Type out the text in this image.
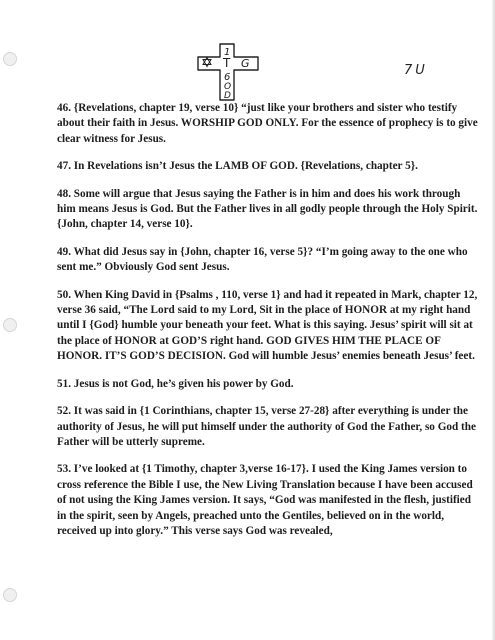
1
T G
6
O
D
7U

46. {Revelations, chapter 19, verse 10} “just like your brothers and sister who testify about their faith in Jesus. WORSHIP GOD ONLY. For the essence of prophecy is to give clear witness for Jesus.

47. In Revelations isn’t Jesus the LAMB OF GOD. {Revelations, chapter 5}.

48. Some will argue that Jesus saying the Father is in him and does his work through him means Jesus is God. But the Father lives in all godly people through the Holy Spirit. {John, chapter 14, verse 10}.

49. What did Jesus say in {John, chapter 16, verse 5}? “I’m going away to the one who sent me.” Obviously God sent Jesus.

50. When King David in {Psalms , 110, verse 1} and had it repeated in Mark, chapter 12, verse 36 said, “The Lord said to my Lord, Sit in the place of HONOR at my right hand until I {God} humble your beneath your feet. What is this saying. Jesus’ spirit will sit at the place of HONOR at GOD’S right hand. GOD GIVES HIM THE PLACE OF HONOR. IT’S GOD’S DECISION. God will humble Jesus’ enemies beneath Jesus’ feet.

51. Jesus is not God, he’s given his power by God.

52. It was said in {1 Corinthians, chapter 15, verse 27-28} after everything is under the authority of Jesus, he will put himself under the authority of God the Father, so God the Father will be utterly supreme.

53. I’ve looked at {1 Timothy, chapter 3,verse 16-17}. I used the King James version to cross reference the Bible I use, the New Living Translation because I have been accused of not using the King James version. It says, “God was manifested in the flesh, justified in the spirit, seen by Angels, preached unto the Gentiles, believed on in the world, received up into glory.” This verse says God was revealed,
